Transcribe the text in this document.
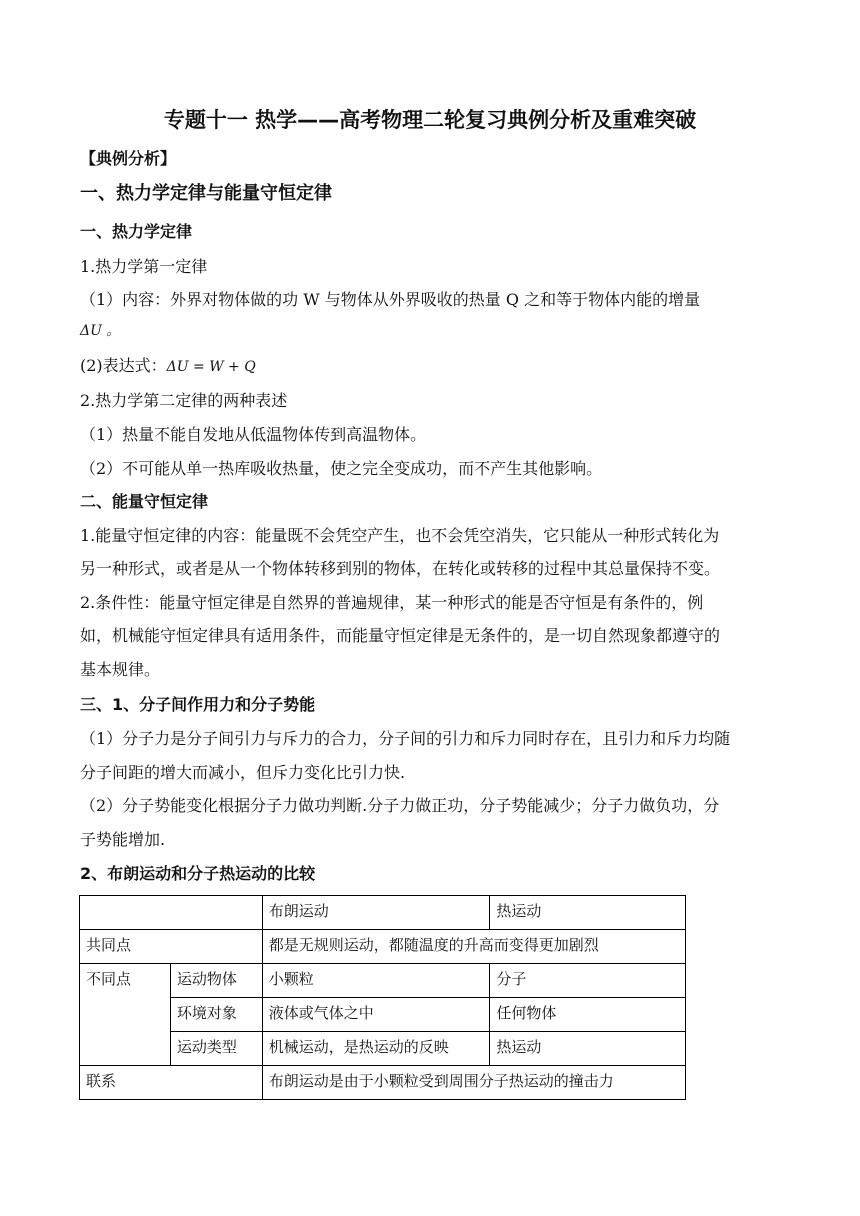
专题十一 热学——高考物理二轮复习典例分析及重难突破
【典例分析】
一、热力学定律与能量守恒定律
一、热力学定律
1.热力学第一定律
（1）内容：外界对物体做的功 W 与物体从外界吸收的热量 Q 之和等于物体内能的增量
ΔU 。
(2)表达式：ΔU = W + Q
2.热力学第二定律的两种表述
（1）热量不能自发地从低温物体传到高温物体。
（2）不可能从单一热库吸收热量，使之完全变成功，而不产生其他影响。
二、能量守恒定律
1.能量守恒定律的内容：能量既不会凭空产生，也不会凭空消失，它只能从一种形式转化为
另一种形式，或者是从一个物体转移到别的物体，在转化或转移的过程中其总量保持不变。
2.条件性：能量守恒定律是自然界的普遍规律，某一种形式的能是否守恒是有条件的，例
如，机械能守恒定律具有适用条件，而能量守恒定律是无条件的，是一切自然现象都遵守的
基本规律。
三、1、分子间作用力和分子势能
（1）分子力是分子间引力与斥力的合力，分子间的引力和斥力同时存在，且引力和斥力均随
分子间距的增大而减小，但斥力变化比引力快.
（2）分子势能变化根据分子力做功判断.分子力做正功，分子势能减少；分子力做负功，分
子势能增加.
2、布朗运动和分子热运动的比较
		布朗运动	热运动
共同点		都是无规则运动，都随温度的升高而变得更加剧烈	
不同点	运动物体	小颗粒	分子
	环境对象	液体或气体之中	任何物体
	运动类型	机械运动，是热运动的反映	热运动
联系		布朗运动是由于小颗粒受到周围分子热运动的撞击力	
